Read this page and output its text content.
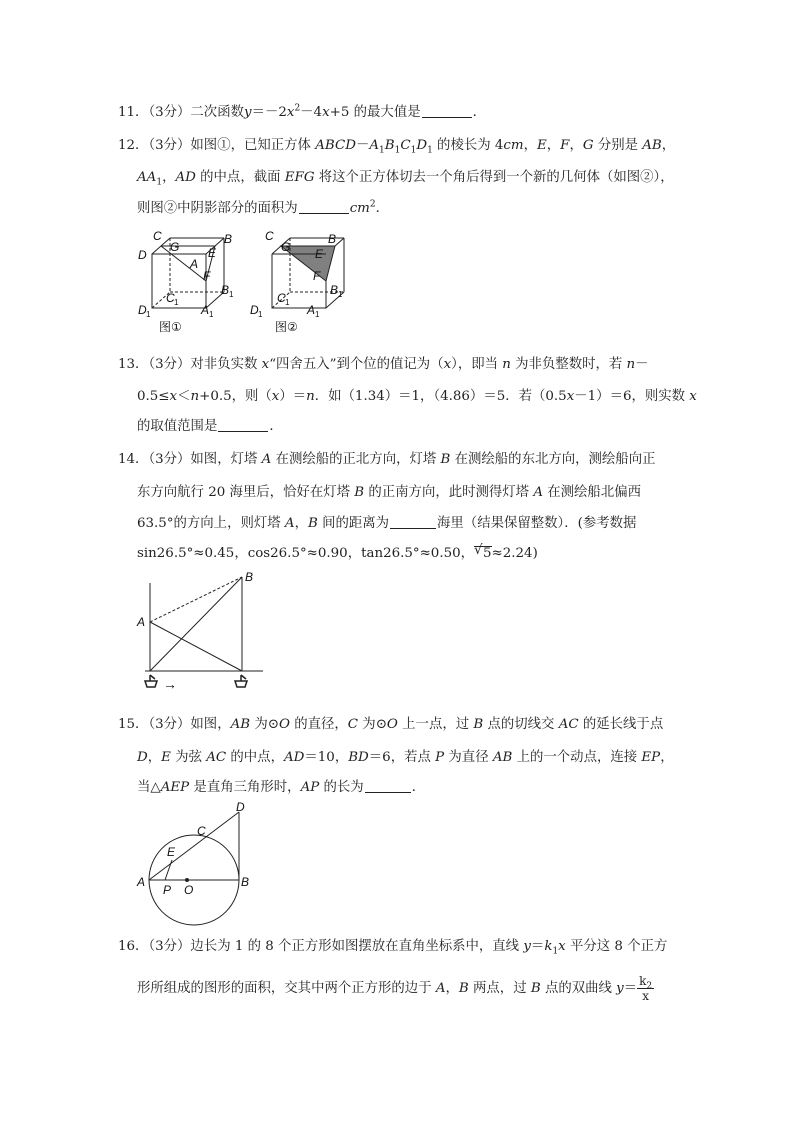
11．（3分）二次函数$y=-2x^2-4x+5$ 的最大值是	．
12．（3分）如图①，已知正方体 $ABCD-A_1B_1C_1D_1$ 的棱长为 4cm，E，F，G 分别是 AB，
$AA_1$，AD 的中点，截面 EFG 将这个正方体切去一个角后得到一个新的几何体（如图②），
则图②中阴影部分的面积为	$cm^2$．
C
G
B
D
A
E
F
C 1
B 1
D 1	A 1
图①
C
G
B
E
F
C 1
B 1
D 1	A 1
图②
13．（3分）对非负实数 x“四舍五入”到个位的值记为（x），即当 n 为非负整数时，若 n－
0.5≤x＜n+0.5，则（x）＝n．如（1.34）＝1，（4.86）＝5．若（0.5x－1）＝6，则实数 x
的取值范围是	．
14．（3分）如图，灯塔 A 在测绘船的正北方向，灯塔 B 在测绘船的东北方向，测绘船向正
东方向航行 20 海里后，恰好在灯塔 B 的正南方向，此时测得灯塔 A 在测绘船北偏西
63.5°的方向上，则灯塔 A，B 间的距离为	海里（结果保留整数）．(参考数据
sin26.5°≈0.45，cos26.5°≈0.90，tan26.5°≈0.50， √ 5≈2.24)
A
B
→
15．（3分）如图，AB 为⊙O 的直径，C 为⊙O 上一点，过 B 点的切线交 AC 的延长线于点
D，E 为弦 AC 的中点，AD＝10，BD＝6，若点 P 为直径 AB 上的一个动点，连接 EP，
当△AEP 是直角三角形时，AP 的长为	．
D
C
E
A
P O
B
16．（3分）边长为 1 的 8 个正方形如图摆放在直角坐标系中，直线 $y=k_1x$ 平分这 8 个正方
形所组成的图形的面积，交其中两个正方形的边于 A，B 两点，过 B 点的双曲线 $y= \frac{k_2}{x}$
